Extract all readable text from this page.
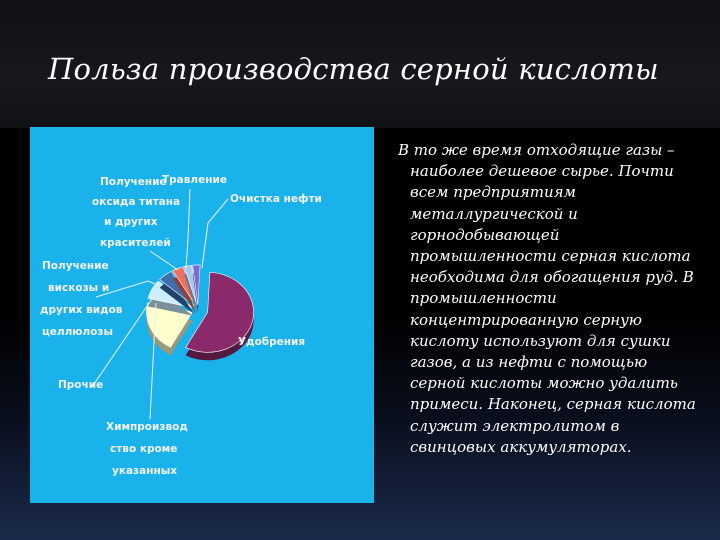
Польза производства серной кислоты
Получение оксида титана и других красителей
Травление
Очистка нефти
Получение вискозы и других видов целлюлозы
Прочие
Химпроизвод ство кроме указанных
Удобрения
В то же время отходящие газы – наиболее дешевое сырье. Почти всем предприятиям металлургической и горнодобывающей промышленности серная кислота необходима для обогащения руд. В промышленности концентрированную серную кислоту используют для сушки газов, а из нефти с помощью серной кислоты можно удалить примеси. Наконец, серная кислота служит электролитом в свинцовых аккумуляторах.
